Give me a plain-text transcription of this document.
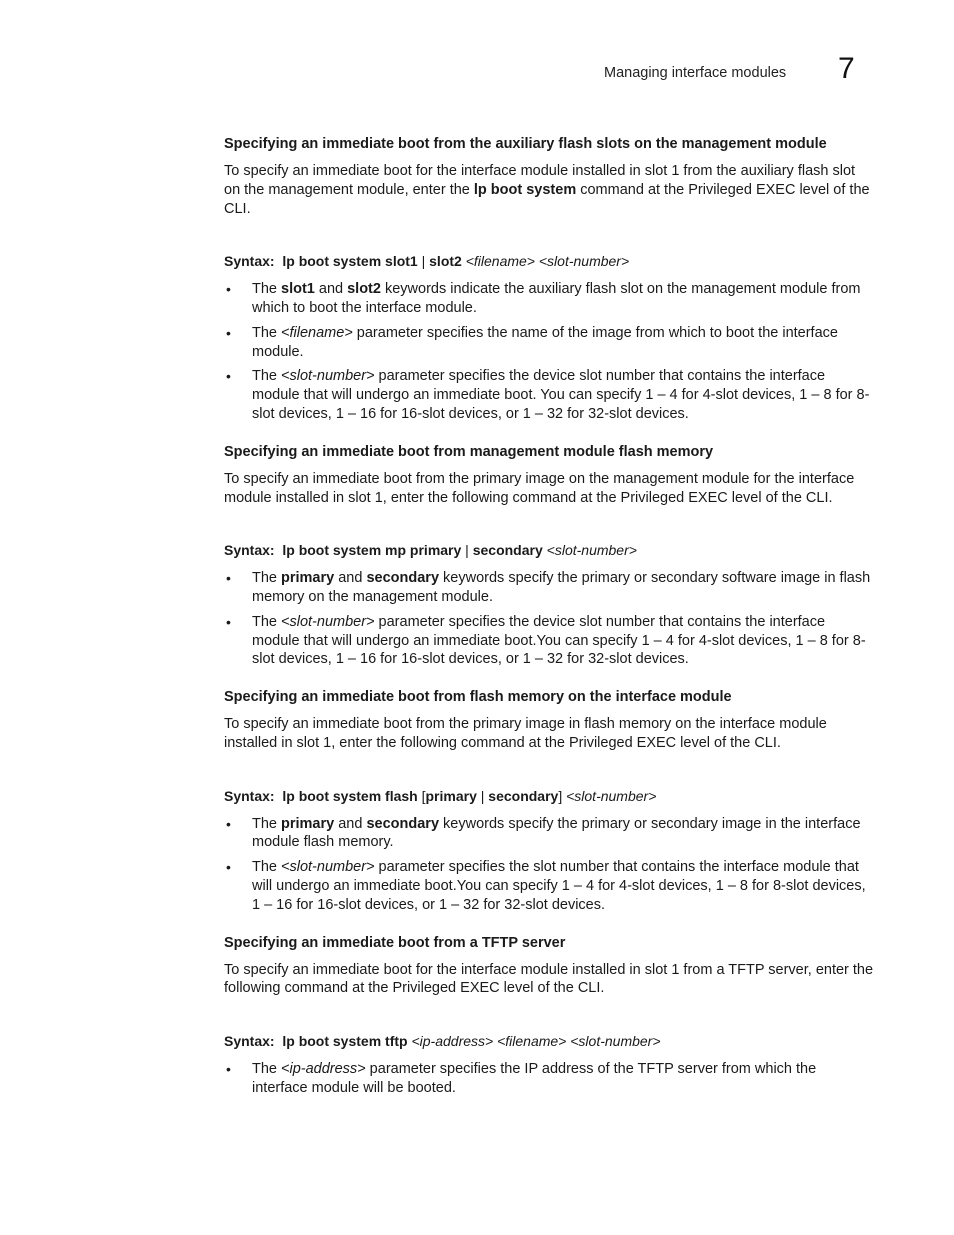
Managing interface modules 7
Specifying an immediate boot from the auxiliary flash slots on the management module

To specify an immediate boot for the interface module installed in slot 1 from the auxiliary flash slot on the management module, enter the lp boot system command at the Privileged EXEC level of the CLI.

Syntax: lp boot system slot1 | slot2 <filename> <slot-number>

• The slot1 and slot2 keywords indicate the auxiliary flash slot on the management module from which to boot the interface module.
• The <filename> parameter specifies the name of the image from which to boot the interface module.
• The <slot-number> parameter specifies the device slot number that contains the interface module that will undergo an immediate boot. You can specify 1 – 4 for 4-slot devices, 1 – 8 for 8-slot devices, 1 – 16 for 16-slot devices, or 1 – 32 for 32-slot devices.
Specifying an immediate boot from management module flash memory

To specify an immediate boot from the primary image on the management module for the interface module installed in slot 1, enter the following command at the Privileged EXEC level of the CLI.

Syntax: lp boot system mp primary | secondary <slot-number>

• The primary and secondary keywords specify the primary or secondary software image in flash memory on the management module.
• The <slot-number> parameter specifies the device slot number that contains the interface module that will undergo an immediate boot.You can specify 1 – 4 for 4-slot devices, 1 – 8 for 8-slot devices, 1 – 16 for 16-slot devices, or 1 – 32 for 32-slot devices.
Specifying an immediate boot from flash memory on the interface module

To specify an immediate boot from the primary image in flash memory on the interface module installed in slot 1, enter the following command at the Privileged EXEC level of the CLI.

Syntax: lp boot system flash [primary | secondary] <slot-number>

• The primary and secondary keywords specify the primary or secondary image in the interface module flash memory.
• The <slot-number> parameter specifies the slot number that contains the interface module that will undergo an immediate boot.You can specify 1 – 4 for 4-slot devices, 1 – 8 for 8-slot devices, 1 – 16 for 16-slot devices, or 1 – 32 for 32-slot devices.
Specifying an immediate boot from a TFTP server

To specify an immediate boot for the interface module installed in slot 1 from a TFTP server, enter the following command at the Privileged EXEC level of the CLI.

Syntax: lp boot system tftp <ip-address> <filename> <slot-number>

• The <ip-address> parameter specifies the IP address of the TFTP server from which the interface module will be booted.
